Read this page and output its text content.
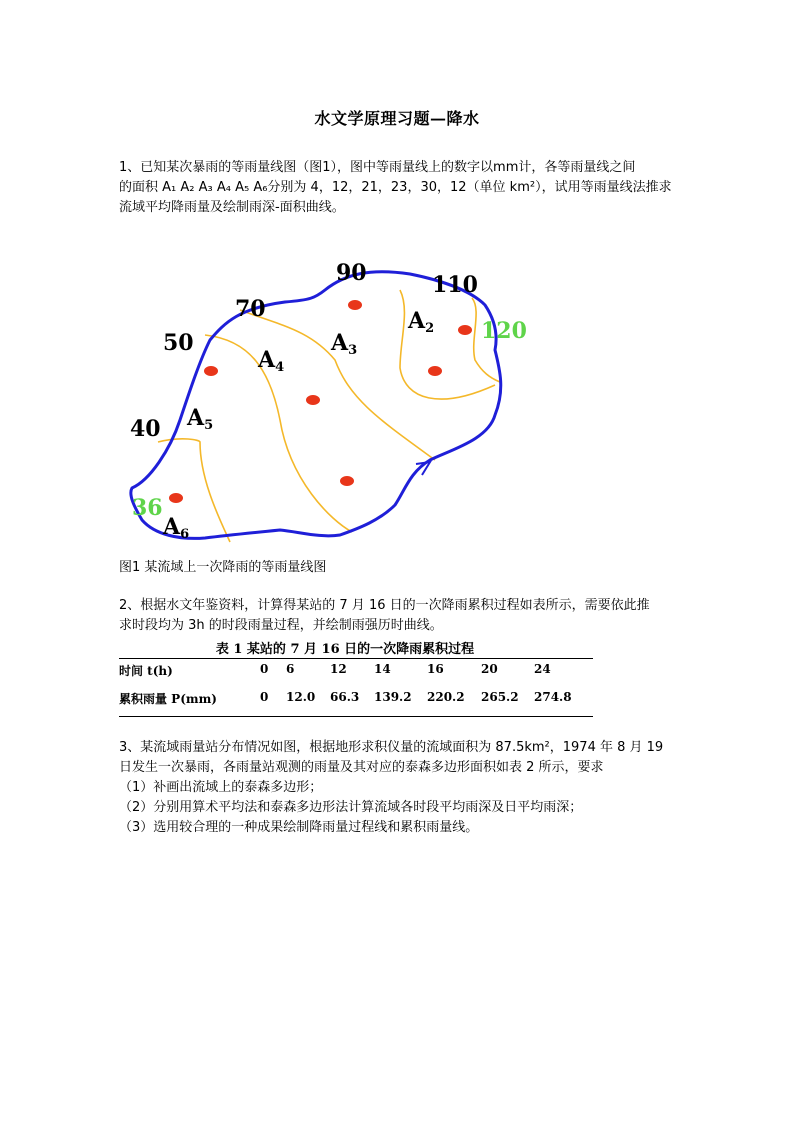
水文学原理习题—降水
1、已知某次暴雨的等雨量线图（图1），图中等雨量线上的数字以mm计，各等雨量线之间
的面积 A₁ A₂ A₃ A₄ A₅ A₆分别为 4，12，21，23，30，12（单位 km²），试用等雨量线法推求
流域平均降雨量及绘制雨深-面积曲线。
90	110
70
120
50
40
36
A2
A3
A4
A5
A6
图1 某流域上一次降雨的等雨量线图
2、根据水文年鉴资料，计算得某站的 7 月 16 日的一次降雨累积过程如表所示，需要依此推
求时段均为 3h 的时段雨量过程，并绘制雨强历时曲线。
表 1 某站的 7 月 16 日的一次降雨累积过程
时间 t(h)	0 6	12 14	16	20	24
累积雨量 P(mm)	0 12.0 66.3 139.2 220.2 265.2 274.8
3、某流域雨量站分布情况如图，根据地形求积仪量的流域面积为 87.5km²，1974 年 8 月 19
日发生一次暴雨，各雨量站观测的雨量及其对应的泰森多边形面积如表 2 所示，要求
（1）补画出流域上的泰森多边形；
（2）分别用算术平均法和泰森多边形法计算流域各时段平均雨深及日平均雨深；
（3）选用较合理的一种成果绘制降雨量过程线和累积雨量线。
